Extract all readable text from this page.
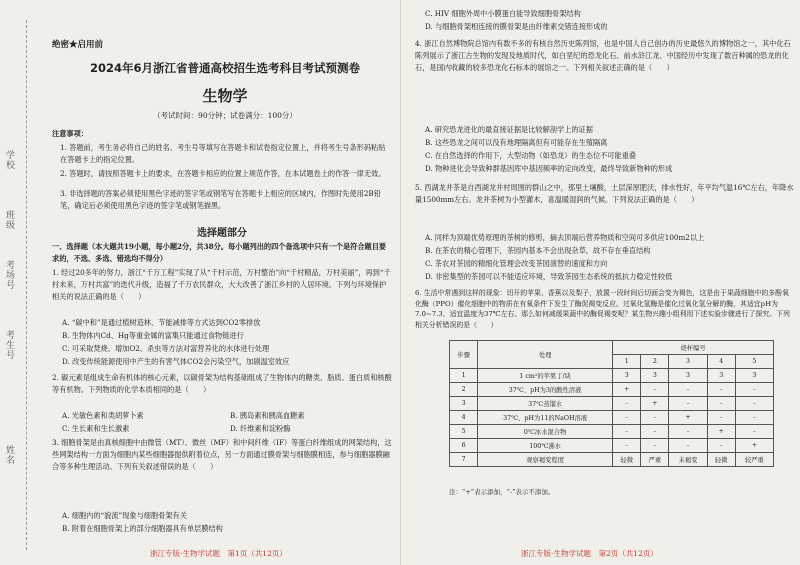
学校
班级
考场号
考生号
姓名
绝密★启用前
2024年6月浙江省普通高校招生选考科目考试预测卷
生物学
（考试时间：90分钟；试卷满分：100分）
注意事项：
1. 答题前，考生务必将自己的姓名、考生号等填写在答题卡和试卷指定位置上，并将考生号条形码粘贴在答题卡上的指定位置。
2. 答题时，请按照答题卡上的要求，在答题卡相应的位置上规范作答，在本试题卷上的作答一律无效。
3. 非选择题的答案必须使用黑色字迹的签字笔或钢笔写在答题卡上相应的区域内，作图时先使用2B铅笔，确定后必须使用黑色字迹的签字笔或钢笔描黑。
选择题部分
一、选择题（本大题共19小题，每小题2分，共38分。每小题列出的四个备选项中只有一个是符合题目要求的，不选、多选、错选均不得分）
1. 经过20多年的努力，浙江“千万工程”实现了从“千村示范，万村整治”向“千村精品，万村美丽”，再到“千村未来，万村共富”的迭代升级，造福了千万农民群众，大大改善了浙江乡村的人居环境。下列与环境保护相关的说法正确的是（　　）
A. “碳中和”是通过植树造林、节能减排等方式达到CO2零排放
B. 生物体内Cd、Hg等重金属的富集只能通过食物链进行
C. 可采取焚烧、增加O2、杀虫等方法对富营养化的水体进行处理
D. 改变传统能源使用中产生的有害气体CO2会污染空气，加剧温室效应
2. 碳元素是组成生命有机体的核心元素，以碳骨架为结构基础组成了生物体内的糖类、脂质、蛋白质和核酸等有机物。下列物质的化学本质相同的是（　　）
A. 光敏色素和类胡萝卜素	B. 胰岛素和胰高血糖素
C. 生长素和生长激素	D. 纤维素和淀粉酶
3. 细胞骨架是由真核细胞中由微管（MT）、微丝（MF）和中间纤维（IF）等蛋白纤维组成的网架结构，这些网架结构一方面为细胞内某些细胞器提供附着位点，另一方面通过膜骨架与细胞膜相连，参与细胞器膜融合等多种生理活动。下列有关叙述错误的是（　　）
A. 细胞内的“貌流”现象与细胞骨架有关
B. 附着在细胞骨架上的部分细胞器具有单层膜结构
浙江专版-生物学试题　第1页（共12页）
C. HIV 细胞外周中小膜蛋白能导致细胞骨架结构
D. 与细胞骨架相连接的膜骨架是由纤维素交错连接形成的
4. 浙江自然博物院总馆内有数不多的有核自然历史陈列馆，也是中国人自己创办的历史最悠久的博物馆之一，其中化石陈列展示了浙江古生物的发现及地质时代，如白垩纪的恐龙化石、前水浒江龙、中国经历中发现了数百种属的恐龙的化石，是国内收藏的较多恐龙化石标本的展馆之一。下列相关叙述正确的是（　　）
A. 研究恐龙进化的最直接证据是比较解剖学上的证据
B. 这些恐龙之间可以没有地理隔离但有可能存在生殖隔离
C. 在自然选择的作用下，大型动物（如恐龙）的生态位不可能重叠
D. 物种进化会导致种群基因库中基因频率的定向改变，最终导致新物种的形成
5. 西湖龙井茶是自西湖龙井村周围的群山之中，那里土壤酸，土层深厚肥沃，排水性好，年平均气温16℃左右，年降水量1500mm左右。龙井茶树为小型灌木，喜温暖湿润的气候。下列说法正确的是（　　）
A. 同样为顶端优势原理的茶树的修剪，摘去顶端后营养物质和空间可多供应100m2以上
B. 在茶农的精心管理下，茶园内基本不会出现杂草，故不存在垂直结构
C. 茶农对茶园的精细化管理会改变茶园演替的速度和方向
D. 非密集型的茶园可以不能适应环境，导致茶园生态系统的抵抗力稳定性较低
6. 生活中常遇到这样的现象：切开的苹果、香蕉以及梨子，放置一段时间后切面会变为褐色，这是由于果蔬细胞中的多酚氧化酶（PPO）催化细胞中的物质在有氧条件下发生了酶促褐变反应。过氧化氢酶是催化过氧化氢分解的酶，其适宜pH为7.0~7.3，适宜温度为37℃左右。那么如何减缓果蔬中的酶促褐变呢？某生物兴趣小组利用下述实验步骤进行了探究。下列相关分析错误的是（　　）
步骤	处理	烧杯编号				
		1	2	3	4	5
1	1 cm²的苹果丁/块	3	3	3	3	3
2	37℃、pH为3的酸性溶液	+	-	-	-	-
3	37℃蒸馏水	-	+	-	-	-
4	37℃、pH为11的NaOH溶液	-	-	+	-	-
5	0℃冰水混合物	-	-	-	+	-
6	100℃沸水	-	-	-	-	+
7	观察褐变程度	轻微	严重	未褐变	轻微	较严重
注：“+”表示添加，“-”表示不添加。
浙江专版-生物学试题　第2页（共12页）
